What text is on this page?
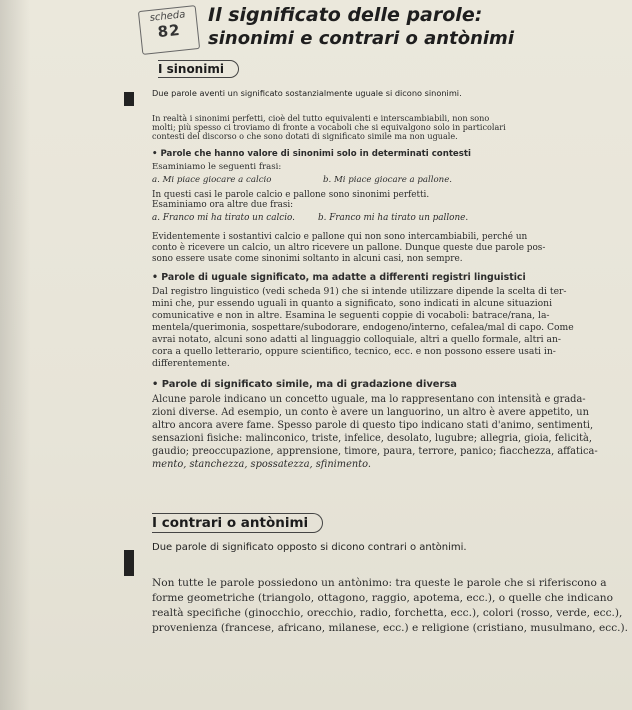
scheda
82
Il significato delle parole:
sinonimi e contrari o antònimi
I sinonimi
Due parole aventi un significato sostanzialmente uguale si dicono sinonimi.
In realtà i sinonimi perfetti, cioè del tutto equivalenti e interscambiabili, non sono
molti; più spesso ci troviamo di fronte a vocaboli che si equivalgono solo in particolari
contesti del discorso o che sono dotati di significato simile ma non uguale.
• Parole che hanno valore di sinonimi solo in determinati contesti
Esaminiamo le seguenti frasi:
a. Mi piace giocare a calcio	b. Mi piace giocare a pallone.
In questi casi le parole calcio e pallone sono sinonimi perfetti.
Esaminiamo ora altre due frasi:
a. Franco mi ha tirato un calcio.	b. Franco mi ha tirato un pallone.
Evidentemente i sostantivi calcio e pallone qui non sono intercambiabili, perché un
conto è ricevere un calcio, un altro ricevere un pallone. Dunque queste due parole pos-
sono essere usate come sinonimi soltanto in alcuni casi, non sempre.
• Parole di uguale significato, ma adatte a differenti registri linguistici
Dal registro linguistico (vedi scheda 91) che si intende utilizzare dipende la scelta di ter-
mini che, pur essendo uguali in quanto a significato, sono indicati in alcune situazioni
comunicative e non in altre. Esamina le seguenti coppie di vocaboli: batrace/rana, la-
mentela/querimonia, sospettare/subodorare, endogeno/interno, cefalea/mal di capo. Come
avrai notato, alcuni sono adatti al linguaggio colloquiale, altri a quello formale, altri an-
cora a quello letterario, oppure scientifico, tecnico, ecc. e non possono essere usati in-
differentemente.
• Parole di significato simile, ma di gradazione diversa
Alcune parole indicano un concetto uguale, ma lo rappresentano con intensità e grada-
zioni diverse. Ad esempio, un conto è avere un languorino, un altro è avere appetito, un
altro ancora avere fame. Spesso parole di questo tipo indicano stati d'animo, sentimenti,
sensazioni fisiche: malinconico, triste, infelice, desolato, lugubre; allegria, gioia, felicità,
gaudio; preoccupazione, apprensione, timore, paura, terrore, panico; fiacchezza, affatica-
mento, stanchezza, spossatezza, sfinimento.
I contrari o antònimi
Due parole di significato opposto si dicono contrari o antònimi.
Non tutte le parole possiedono un antònimo: tra queste le parole che si riferiscono a
forme geometriche (triangolo, ottagono, raggio, apotema, ecc.), o quelle che indicano
realtà specifiche (ginocchio, orecchio, radio, forchetta, ecc.), colori (rosso, verde, ecc.),
provenienza (francese, africano, milanese, ecc.) e religione (cristiano, musulmano, ecc.).
